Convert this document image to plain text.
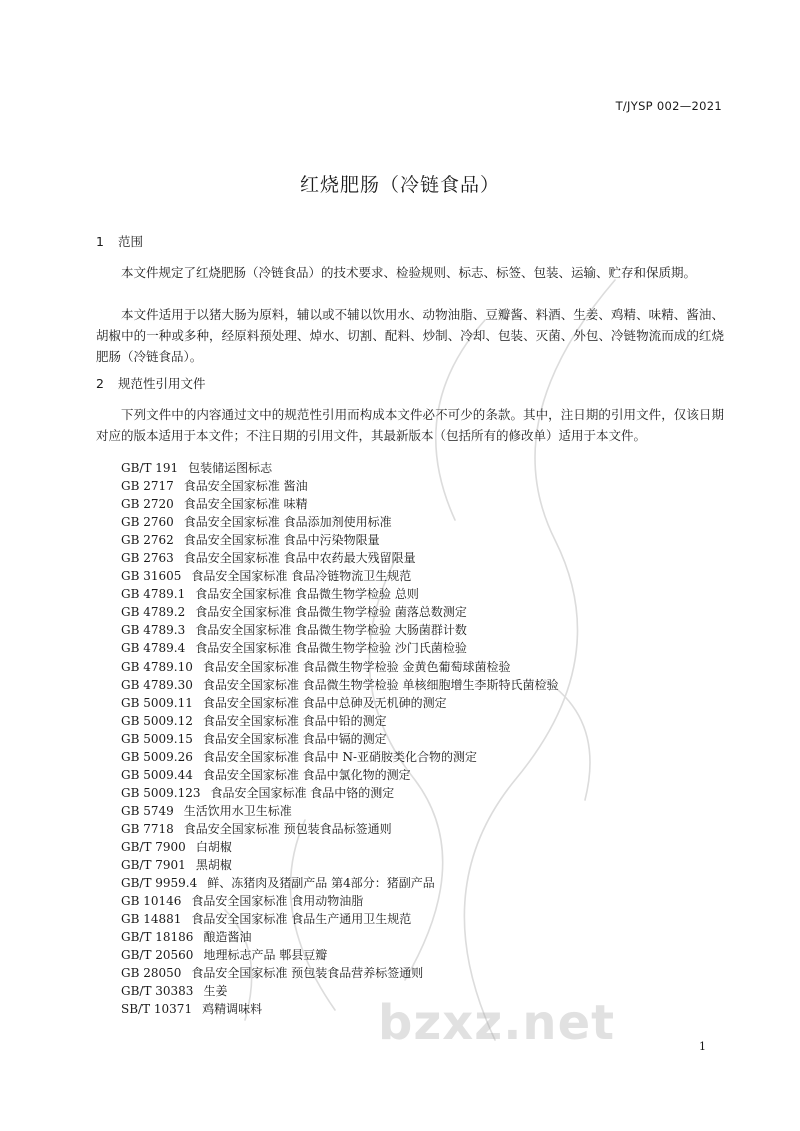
T/JYSP 002—2021
红烧肥肠（冷链食品）
1 范围

本文件规定了红烧肥肠（冷链食品）的技术要求、检验规则、标志、标签、包装、运输、贮存和保质期。

本文件适用于以猪大肠为原料，辅以或不辅以饮用水、动物油脂、豆瓣酱、料酒、生姜、鸡精、味精、酱油、胡椒中的一种或多种，经原料预处理、焯水、切割、配料、炒制、冷却、包装、灭菌、外包、冷链物流而成的红烧肥肠（冷链食品）。

2 规范性引用文件

下列文件中的内容通过文中的规范性引用而构成本文件必不可少的条款。其中，注日期的引用文件，仅该日期对应的版本适用于本文件；不注日期的引用文件，其最新版本（包括所有的修改单）适用于本文件。

GB/T 191 包装储运图标志
GB 2717 食品安全国家标准 酱油
GB 2720 食品安全国家标准 味精
GB 2760 食品安全国家标准 食品添加剂使用标准
GB 2762 食品安全国家标准 食品中污染物限量
GB 2763 食品安全国家标准 食品中农药最大残留限量
GB 31605 食品安全国家标准 食品冷链物流卫生规范
GB 4789.1 食品安全国家标准 食品微生物学检验 总则
GB 4789.2 食品安全国家标准 食品微生物学检验 菌落总数测定
GB 4789.3 食品安全国家标准 食品微生物学检验 大肠菌群计数
GB 4789.4 食品安全国家标准 食品微生物学检验 沙门氏菌检验
GB 4789.10 食品安全国家标准 食品微生物学检验 金黄色葡萄球菌检验
GB 4789.30 食品安全国家标准 食品微生物学检验 单核细胞增生李斯特氏菌检验
GB 5009.11 食品安全国家标准 食品中总砷及无机砷的测定
GB 5009.12 食品安全国家标准 食品中铅的测定
GB 5009.15 食品安全国家标准 食品中镉的测定
GB 5009.26 食品安全国家标准 食品中 N-亚硝胺类化合物的测定
GB 5009.44 食品安全国家标准 食品中氯化物的测定
GB 5009.123 食品安全国家标准 食品中铬的测定
GB 5749 生活饮用水卫生标准
GB 7718 食品安全国家标准 预包装食品标签通则
GB/T 7900 白胡椒
GB/T 7901 黑胡椒
GB/T 9959.4 鲜、冻猪肉及猪副产品 第4部分：猪副产品
GB 10146 食品安全国家标准 食用动物油脂
GB 14881 食品安全国家标准 食品生产通用卫生规范
GB/T 18186 酿造酱油
GB/T 20560 地理标志产品 郫县豆瓣
GB 28050 食品安全国家标准 预包装食品营养标签通则
GB/T 30383 生姜
SB/T 10371 鸡精调味料	bzxz.net	1
